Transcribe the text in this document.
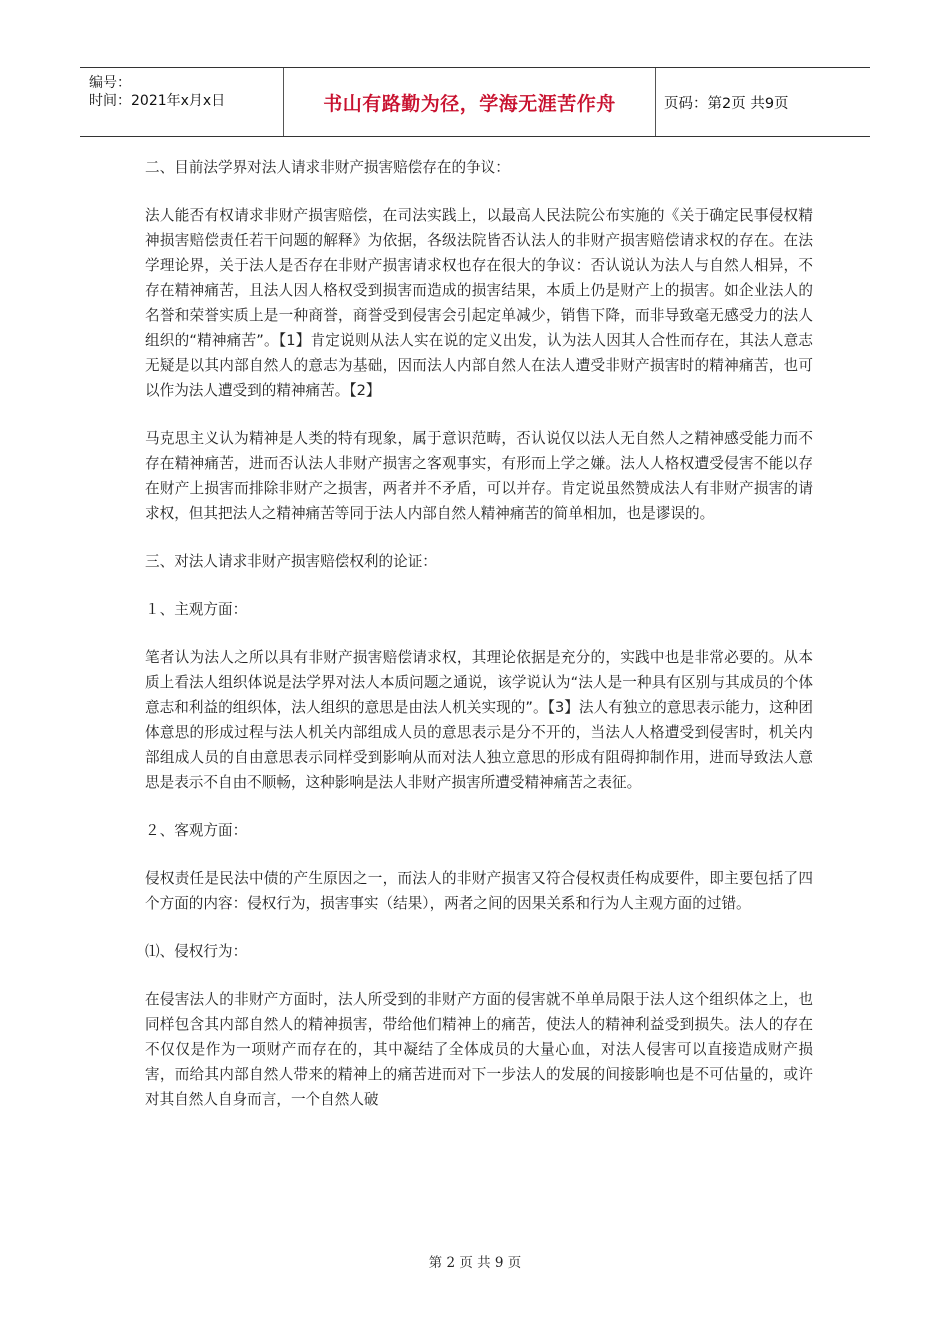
编号：
时间：2021年x月x日	书山有路勤为径，学海无涯苦作舟	页码：第2页 共9页

二、目前法学界对法人请求非财产损害赔偿存在的争议：

法人能否有权请求非财产损害赔偿，在司法实践上，以最高人民法院公布实施的《关于确定民事侵权精神损害赔偿责任若干问题的解释》为依据，各级法院皆否认法人的非财产损害赔偿请求权的存在。在法学理论界，关于法人是否存在非财产损害请求权也存在很大的争议：否认说认为法人与自然人相异，不存在精神痛苦，且法人因人格权受到损害而造成的损害结果，本质上仍是财产上的损害。如企业法人的名誉和荣誉实质上是一种商誉，商誉受到侵害会引起定单减少，销售下降，而非导致毫无感受力的法人组织的“精神痛苦”。【1】肯定说则从法人实在说的定义出发，认为法人因其人合性而存在，其法人意志无疑是以其内部自然人的意志为基础，因而法人内部自然人在法人遭受非财产损害时的精神痛苦，也可以作为法人遭受到的精神痛苦。【2】

马克思主义认为精神是人类的特有现象，属于意识范畴，否认说仅以法人无自然人之精神感受能力而不存在精神痛苦，进而否认法人非财产损害之客观事实，有形而上学之嫌。法人人格权遭受侵害不能以存在财产上损害而排除非财产之损害，两者并不矛盾，可以并存。肯定说虽然赞成法人有非财产损害的请求权，但其把法人之精神痛苦等同于法人内部自然人精神痛苦的简单相加，也是谬误的。

三、对法人请求非财产损害赔偿权利的论证：

１、主观方面：

笔者认为法人之所以具有非财产损害赔偿请求权，其理论依据是充分的，实践中也是非常必要的。从本质上看法人组织体说是法学界对法人本质问题之通说，该学说认为“法人是一种具有区别与其成员的个体意志和利益的组织体，法人组织的意思是由法人机关实现的”。【3】法人有独立的意思表示能力，这种团体意思的形成过程与法人机关内部组成人员的意思表示是分不开的，当法人人格遭受到侵害时，机关内部组成人员的自由意思表示同样受到影响从而对法人独立意思的形成有阻碍抑制作用，进而导致法人意思是表示不自由不顺畅，这种影响是法人非财产损害所遭受精神痛苦之表征。

２、客观方面：

侵权责任是民法中债的产生原因之一，而法人的非财产损害又符合侵权责任构成要件，即主要包括了四个方面的内容：侵权行为，损害事实（结果），两者之间的因果关系和行为人主观方面的过错。

⑴、侵权行为：

在侵害法人的非财产方面时，法人所受到的非财产方面的侵害就不单单局限于法人这个组织体之上，也同样包含其内部自然人的精神损害，带给他们精神上的痛苦，使法人的精神利益受到损失。法人的存在不仅仅是作为一项财产而存在的，其中凝结了全体成员的大量心血，对法人侵害可以直接造成财产损害，而给其内部自然人带来的精神上的痛苦进而对下一步法人的发展的间接影响也是不可估量的，或许对其自然人自身而言，一个自然人破

第 2 页 共 9 页
